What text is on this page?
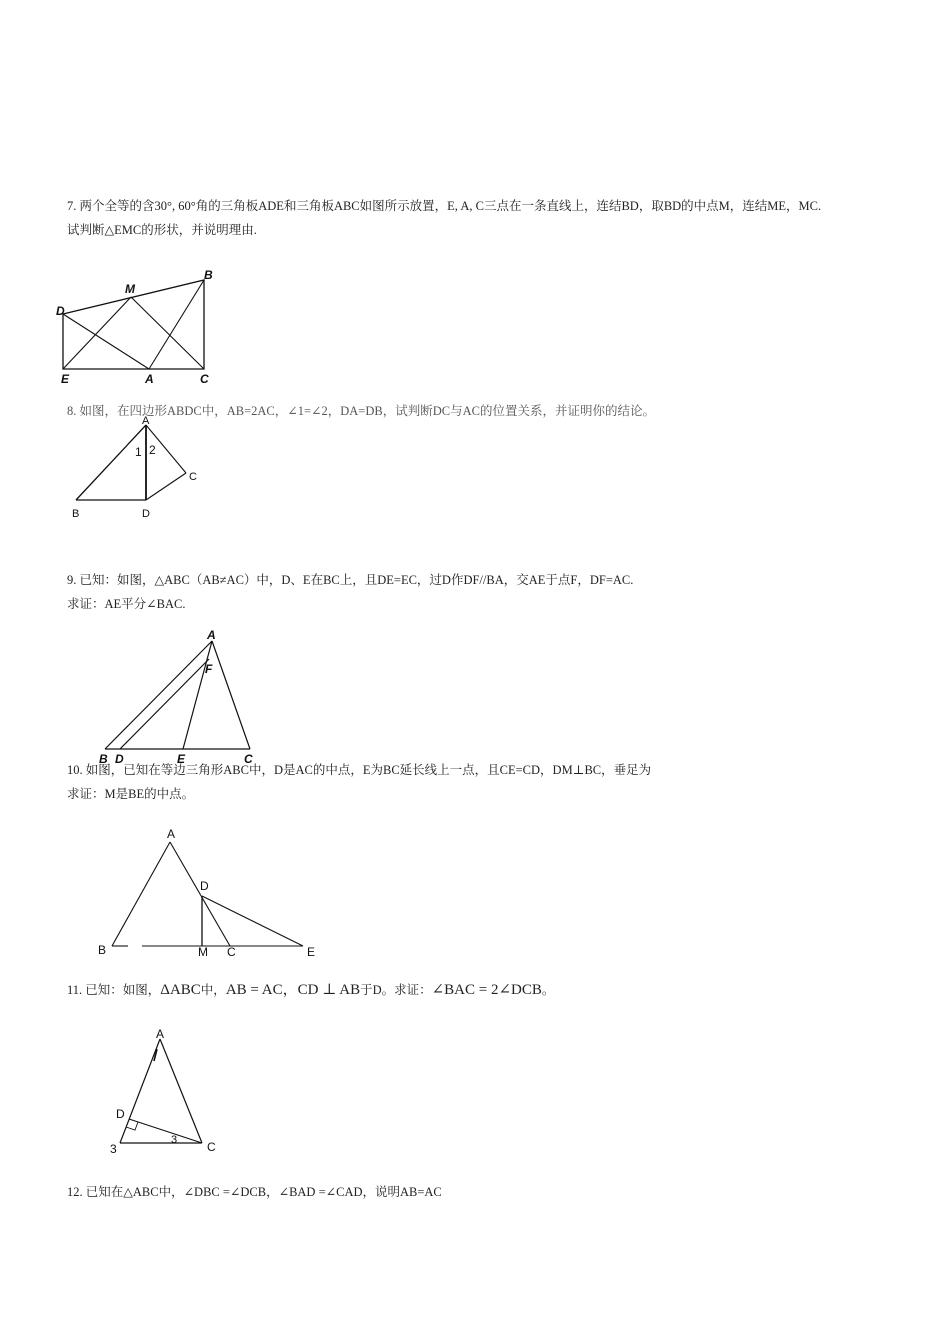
7. 两个全等的含30°, 60°角的三角板ADE和三角板ABC如图所示放置，E, A, C三点在一条直线上，连结BD，取BD的中点M，连结ME，MC.

试判断△EMC的形状，并说明理由.

B
M
D
E	A	C

8. 如图，在四边形ABDC中，AB=2AC，∠1=∠2，DA=DB，试判断DC与AC的位置关系，并证明你的结论。

A
1 2
C
B	D

9. 已知：如图，△ABC（AB≠AC）中，D、E在BC上，且DE=EC，过D作DF//BA，交AE于点F，DF=AC.

求证：AE平分∠BAC.

A
F
B D	E	C

10. 如图，已知在等边三角形ABC中，D是AC的中点，E为BC延长线上一点，且CE=CD，DM⊥BC，垂足为

求证：M是BE的中点。

A
D
B	M C	E

11. 已知：如图，ΔABC中，AB = AC，CD ⊥ AB于D。求证：∠BAC = 2∠DCB。

A
D
3
3 C

12. 已知在△ABC中，∠DBC =∠DCB，∠BAD =∠CAD，说明AB=AC
